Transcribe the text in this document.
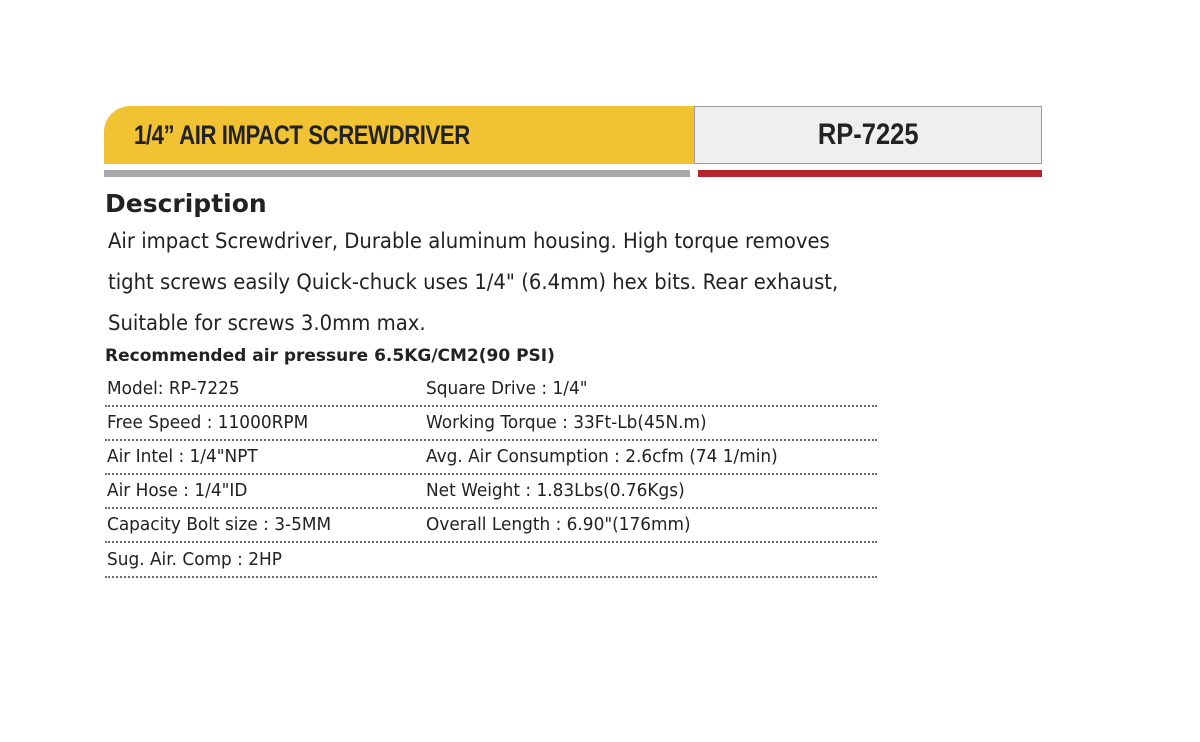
1/4” AIR IMPACT SCREWDRIVER	RP-7225
Description
Air impact Screwdriver, Durable aluminum housing. High torque removes
tight screws easily Quick-chuck uses 1/4" (6.4mm) hex bits. Rear exhaust,
Suitable for screws 3.0mm max.
Recommended air pressure 6.5KG/CM2(90 PSI)
Model: RP-7225	Square Drive : 1/4"
Free Speed : 11000RPM	Working Torque : 33Ft-Lb(45N.m)
Air Intel : 1/4"NPT	Avg. Air Consumption : 2.6cfm (74 1/min)
Air Hose : 1/4"ID	Net Weight : 1.83Lbs(0.76Kgs)
Capacity Bolt size : 3-5MM	Overall Length : 6.90"(176mm)
Sug. Air. Comp : 2HP
